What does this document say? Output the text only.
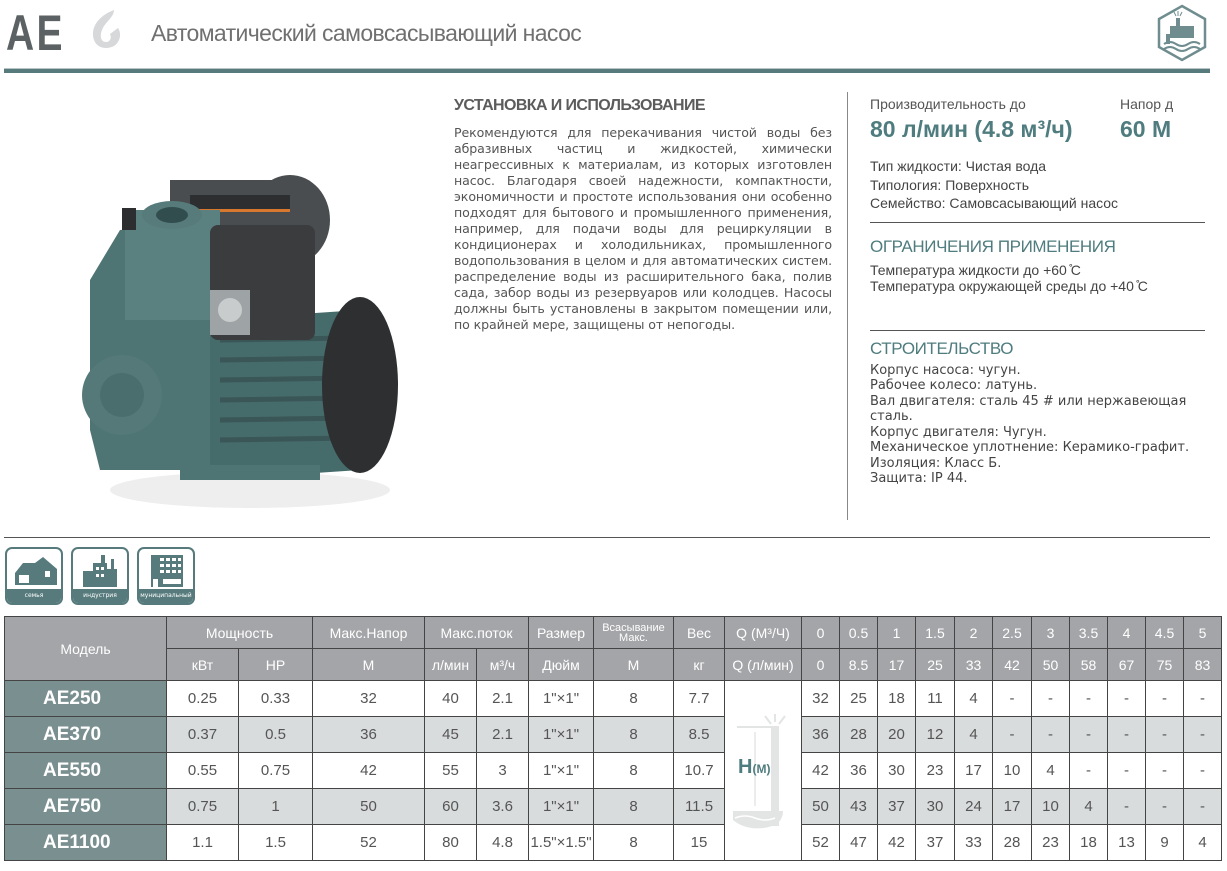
AE	Автоматический самовсасывающий насос
УСТАНОВКА И ИСПОЛЬЗОВАНИЕ

Рекомендуются для перекачивания чистой воды без абразивных частиц и жидкостей, химически неагрессивных к материалам, из которых изготовлен насос. Благодаря своей надежности, компактности, экономичности и простоте использования они особенно подходят для бытового и промышленного применения, например, для подачи воды для рециркуляции в кондиционерах и холодильниках, промышленного водопользования в целом и для автоматических систем. распределение воды из расширительного бака, полив сада, забор воды из резервуаров или колодцев. Насосы должны быть установлены в закрытом помещении или, по крайней мере, защищены от непогоды.

Производительность до
80 л/мин (4.8 м³/ч)
Напор д
60 M
Тип жидкости: Чистая вода
Типология: Поверхность
Семейство: Самовсасывающий насос
ОГРАНИЧЕНИЯ ПРИМЕНЕНИЯ
Температура жидкости до +60 ̊C
Температура окружающей среды до +40 ̊C
СТРОИТЕЛЬСТВО
Корпус насоса: чугун.
Рабочее колесо: латунь.
Вал двигателя: сталь 45 # или нержавеющая сталь.
Корпус двигателя: Чугун.
Механическое уплотнение: Керамико-графит.
Изоляция: Класс Б.
Защита: IP 44.
семья	индустрия	муниципальный
Модель	Мощность		Макс.Напор	Макс.поток		Размер	Всасывание Макс.	Вес	Q (M³/Ч)	0	0.5	1	1.5	2	2.5	3	3.5	4	4.5	5
	кВт	HP	M	л/мин	м³/ч	Дюйм	M	кг	Q (л/мин)	0	8.5	17	25	33	42	50	58	67	75	83
AE250	0.25	0.33	32	40	2.1	1"×1"	8	7.7	H(M)	32	25	18	11	4	-	-	-	-	-	-
AE370	0.37	0.5	36	45	2.1	1"×1"	8	8.5		36	28	20	12	4	-	-	-	-	-	-
AE550	0.55	0.75	42	55	3	1"×1"	8	10.7		42	36	30	23	17	10	4	-	-	-	-
AE750	0.75	1	50	60	3.6	1"×1"	8	11.5		50	43	37	30	24	17	10	4	-	-	-
AE1100	1.1	1.5	52	80	4.8	1.5"×1.5"	8	15		52	47	42	37	33	28	23	18	13	9	4
